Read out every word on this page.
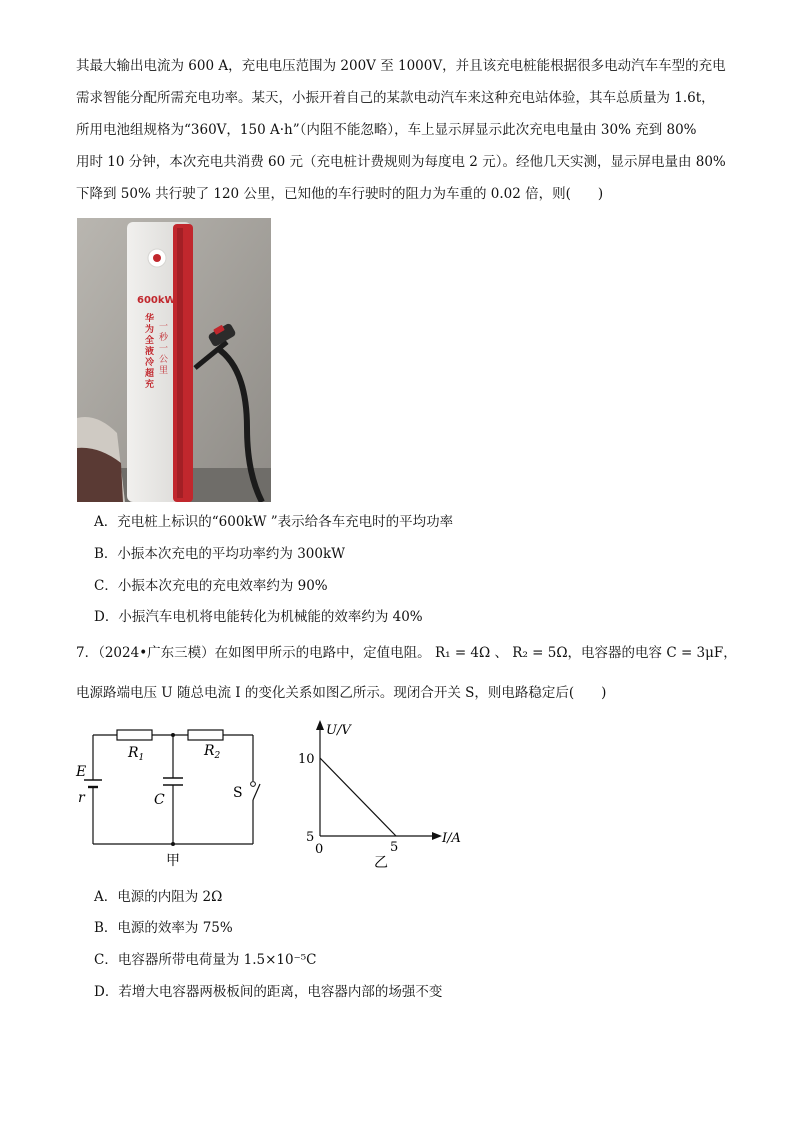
其最大输出电流为 600 A，充电电压范围为 200V 至 1000V，并且该充电桩能根据很多电动汽车车型的充电
需求智能分配所需充电功率。某天，小振开着自己的某款电动汽车来这种充电站体验，其车总质量为 1.6t，
所用电池组规格为“360V，150 A·h”（内阻不能忽略），车上显示屏显示此次充电电量由 30% 充到 80%
用时 10 分钟，本次充电共消费 60 元（充电桩计费规则为每度电 2 元）。经他几天实测，显示屏电量由 80%
下降到 50% 共行驶了 120 公里，已知他的车行驶时的阻力为车重的 0.02 倍，则(　　)
600kW
华
为
全
液
冷
超
充
一
秒
一
公
里
A．充电桩上标识的“600kW ”表示给各车充电时的平均功率
B．小振本次充电的平均功率约为 300kW
C．小振本次充电的充电效率约为 90%
D．小振汽车电机将电能转化为机械能的效率约为 40%
7．（2024•广东三模）在如图甲所示的电路中，定值电阻。 R₁ = 4Ω 、 R₂ = 5Ω，电容器的电容 C = 3μF，
电源路端电压 U 随总电流 I 的变化关系如图乙所示。现闭合开关 S，则电路稳定后(　　)
$R_1$	$R_2$
E
r	C	S
甲
U/V
I/A
10
5
0	5
乙
A．电源的内阻为 2Ω
B．电源的效率为 75%
C．电容器所带电荷量为 1.5×10⁻⁵C
D．若增大电容器两极板间的距离，电容器内部的场强不变
